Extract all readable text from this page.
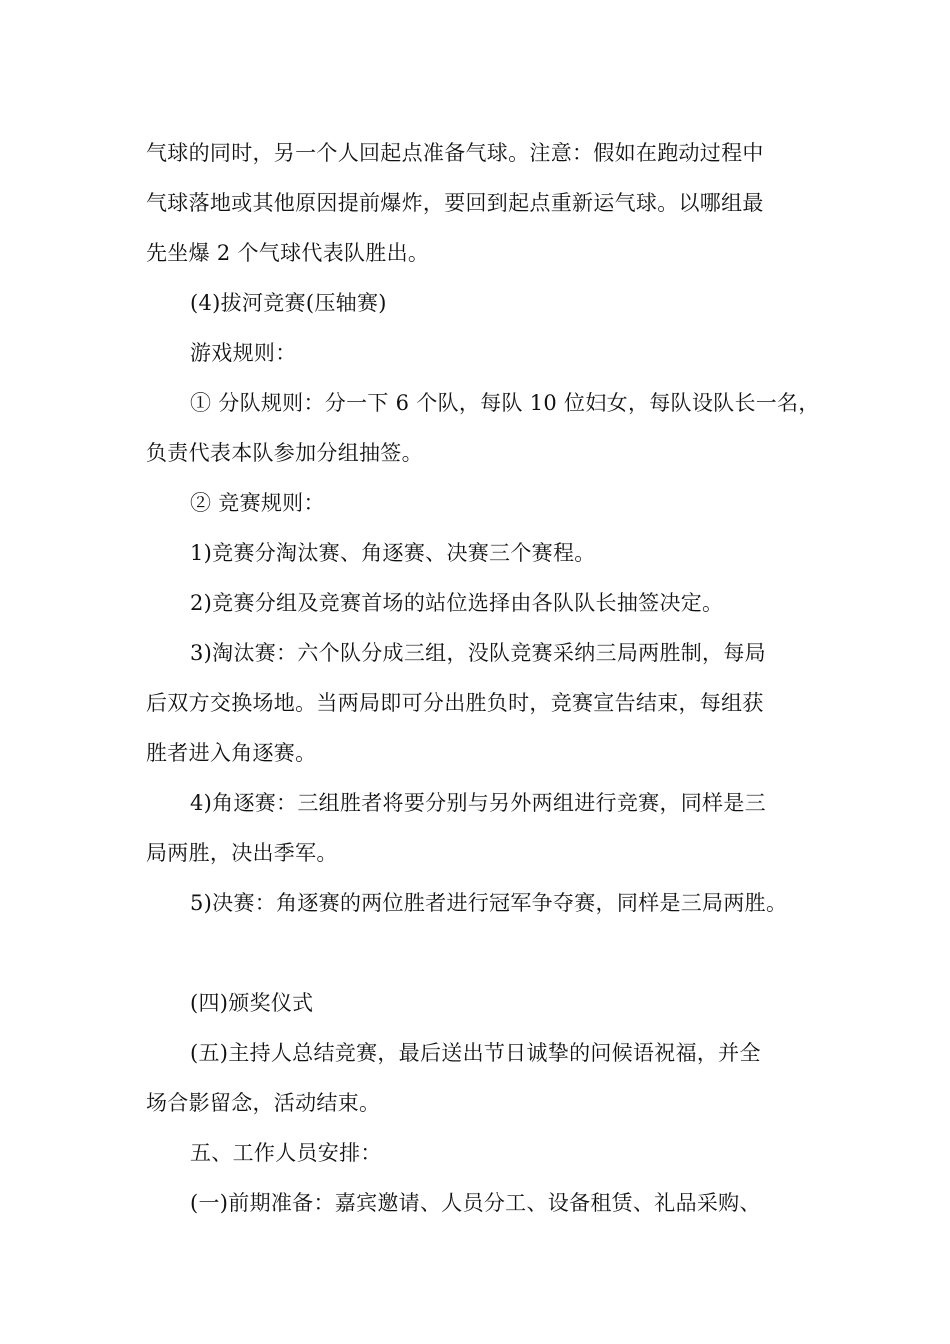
气球的同时，另一个人回起点准备气球。注意：假如在跑动过程中
气球落地或其他原因提前爆炸，要回到起点重新运气球。以哪组最
先坐爆 2 个气球代表队胜出。
(4)拔河竞赛(压轴赛)
游戏规则：
① 分队规则：分一下 6 个队，每队 10 位妇女，每队设队长一名，
负责代表本队参加分组抽签。
② 竞赛规则：
1)竞赛分淘汰赛、角逐赛、决赛三个赛程。
2)竞赛分组及竞赛首场的站位选择由各队队长抽签决定。
3)淘汰赛：六个队分成三组，没队竞赛采纳三局两胜制，每局
后双方交换场地。当两局即可分出胜负时，竞赛宣告结束，每组获
胜者进入角逐赛。
4)角逐赛：三组胜者将要分别与另外两组进行竞赛，同样是三
局两胜，决出季军。
5)决赛：角逐赛的两位胜者进行冠军争夺赛，同样是三局两胜。
(四)颁奖仪式
(五)主持人总结竞赛，最后送出节日诚挚的问候语祝福，并全
场合影留念，活动结束。
五、工作人员安排：
(一)前期准备：嘉宾邀请、人员分工、设备租赁、礼品采购、
